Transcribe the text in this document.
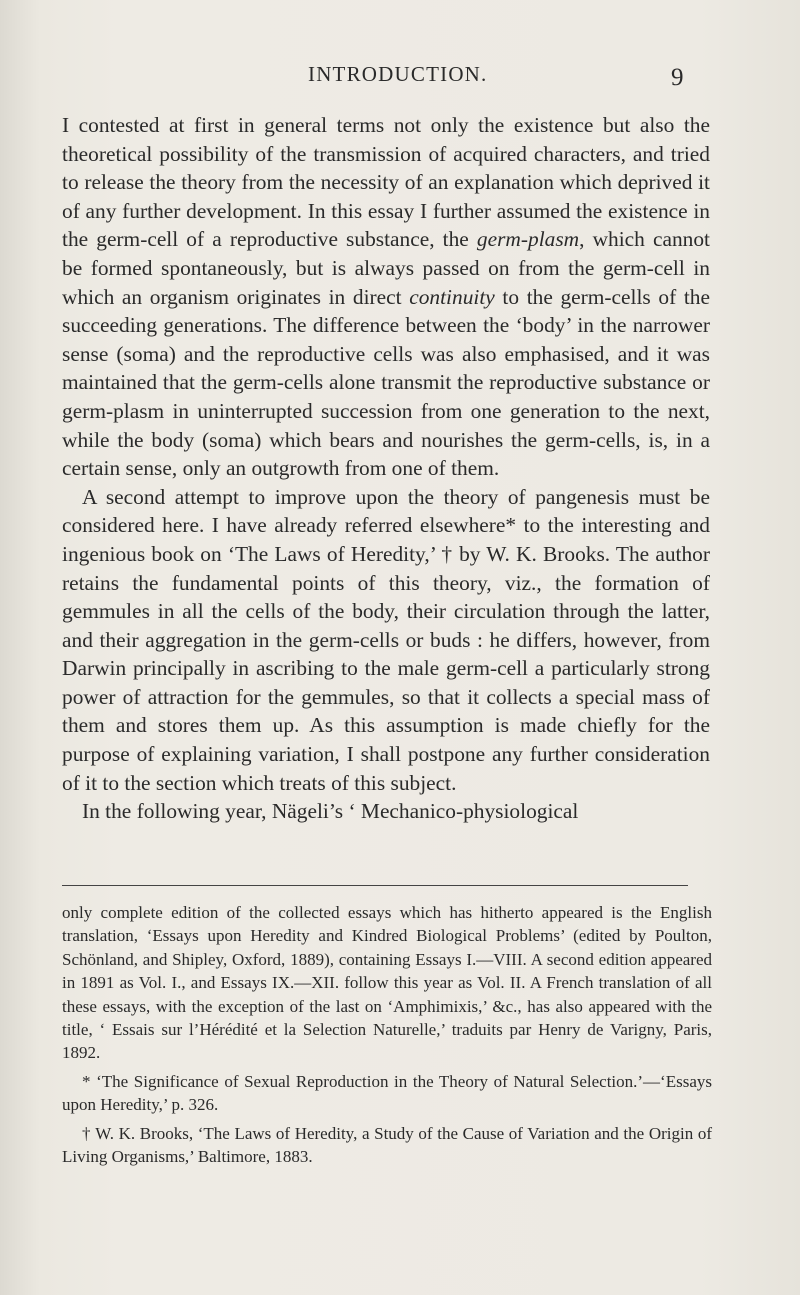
INTRODUCTION.	9

I contested at first in general terms not only the existence but also the theoretical possibility of the transmission of acquired characters, and tried to release the theory from the necessity of an explanation which deprived it of any further development. In this essay I further assumed the existence in the germ-cell of a reproductive substance, the germ-plasm, which cannot be formed spontaneously, but is always passed on from the germ-cell in which an organism originates in direct continuity to the germ-cells of the succeeding generations. The difference between the ‘body’ in the narrower sense (soma) and the reproductive cells was also emphasised, and it was maintained that the germ-cells alone transmit the reproductive substance or germ-plasm in uninterrupted succession from one generation to the next, while the body (soma) which bears and nourishes the germ-cells, is, in a certain sense, only an outgrowth from one of them.

A second attempt to improve upon the theory of pangenesis must be considered here. I have already referred elsewhere* to the interesting and ingenious book on ‘The Laws of Heredity,’ † by W. K. Brooks. The author retains the fundamental points of this theory, viz., the formation of gemmules in all the cells of the body, their circulation through the latter, and their aggregation in the germ-cells or buds : he differs, however, from Darwin principally in ascribing to the male germ-cell a particularly strong power of attraction for the gemmules, so that it collects a special mass of them and stores them up. As this assumption is made chiefly for the purpose of explaining variation, I shall postpone any further consideration of it to the section which treats of this subject.

In the following year, Nägeli’s ‘ Mechanico-physiological

only complete edition of the collected essays which has hitherto appeared is the English translation, ‘Essays upon Heredity and Kindred Biological Problems’ (edited by Poulton, Schönland, and Shipley, Oxford, 1889), containing Essays I.—VIII. A second edition appeared in 1891 as Vol. I., and Essays IX.—XII. follow this year as Vol. II. A French translation of all these essays, with the exception of the last on ‘Amphimixis,’ &c., has also appeared with the title, ‘ Essais sur l’Hérédité et la Selection Naturelle,’ traduits par Henry de Varigny, Paris, 1892.

* ‘The Significance of Sexual Reproduction in the Theory of Natural Selection.’—‘Essays upon Heredity,’ p. 326.

† W. K. Brooks, ‘The Laws of Heredity, a Study of the Cause of Variation and the Origin of Living Organisms,’ Baltimore, 1883.
